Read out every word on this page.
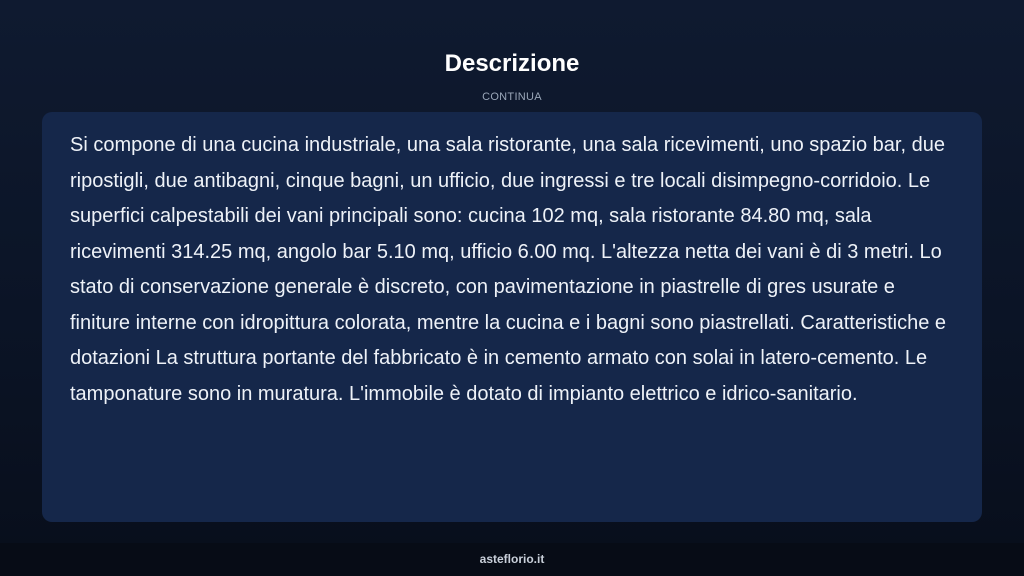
Descrizione
CONTINUA

Si compone di una cucina industriale, una sala ristorante, una sala ricevimenti, uno spazio bar, due ripostigli, due antibagni, cinque bagni, un ufficio, due ingressi e tre locali disimpegno-corridoio. Le superfici calpestabili dei vani principali sono: cucina 102 mq, sala ristorante 84.80 mq, sala ricevimenti 314.25 mq, angolo bar 5.10 mq, ufficio 6.00 mq. L'altezza netta dei vani è di 3 metri. Lo stato di conservazione generale è discreto, con pavimentazione in piastrelle di gres usurate e finiture interne con idropittura colorata, mentre la cucina e i bagni sono piastrellati. Caratteristiche e dotazioni La struttura portante del fabbricato è in cemento armato con solai in latero-cemento. Le tamponature sono in muratura. L'immobile è dotato di impianto elettrico e idrico-sanitario.

asteflorio.it
